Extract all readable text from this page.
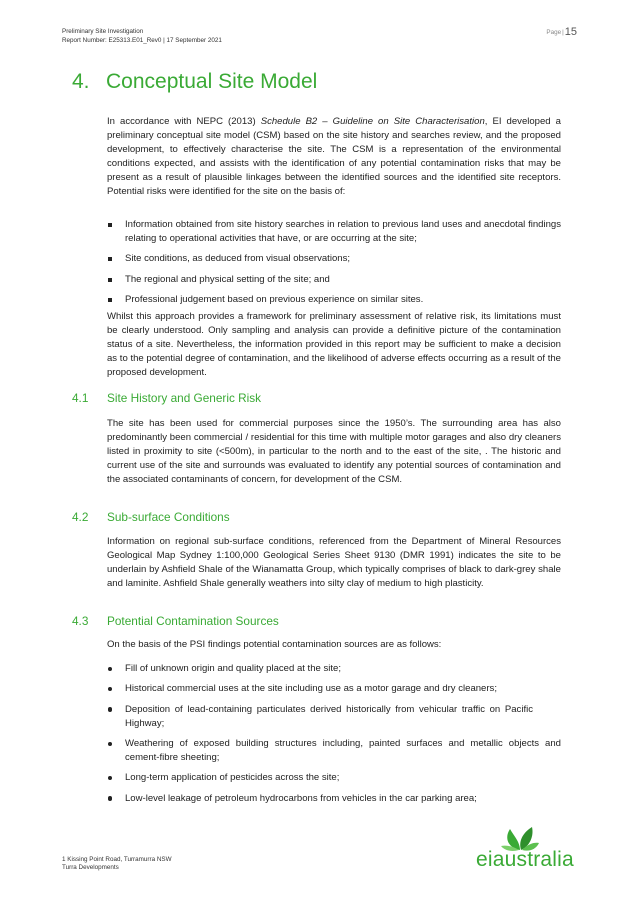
Preliminary Site Investigation
Report Number: E25313.E01_Rev0 | 17 September 2021
Page | 15
4. Conceptual Site Model
In accordance with NEPC (2013) Schedule B2 – Guideline on Site Characterisation, EI developed a preliminary conceptual site model (CSM) based on the site history and searches review, and the proposed development, to effectively characterise the site. The CSM is a representation of the environmental conditions expected, and assists with the identification of any potential contamination risks that may be present as a result of plausible linkages between the identified sources and the identified site receptors. Potential risks were identified for the site on the basis of:
Information obtained from site history searches in relation to previous land uses and anecdotal findings relating to operational activities that have, or are occurring at the site;
Site conditions, as deduced from visual observations;
The regional and physical setting of the site; and
Professional judgement based on previous experience on similar sites.
Whilst this approach provides a framework for preliminary assessment of relative risk, its limitations must be clearly understood. Only sampling and analysis can provide a definitive picture of the contamination status of a site. Nevertheless, the information provided in this report may be sufficient to make a decision as to the potential degree of contamination, and the likelihood of adverse effects occurring as a result of the proposed development.
4.1 Site History and Generic Risk
The site has been used for commercial purposes since the 1950’s. The surrounding area has also predominantly been commercial / residential for this time with multiple motor garages and also dry cleaners listed in proximity to site (<500m), in particular to the north and to the east of the site, . The historic and current use of the site and surrounds was evaluated to identify any potential sources of contamination and the associated contaminants of concern, for development of the CSM.
4.2 Sub-surface Conditions
Information on regional sub-surface conditions, referenced from the Department of Mineral Resources Geological Map Sydney 1:100,000 Geological Series Sheet 9130 (DMR 1991) indicates the site to be underlain by Ashfield Shale of the Wianamatta Group, which typically comprises of black to dark-grey shale and laminite. Ashfield Shale generally weathers into silty clay of medium to high plasticity.
4.3 Potential Contamination Sources
On the basis of the PSI findings potential contamination sources are as follows:
Fill of unknown origin and quality placed at the site;
Historical commercial uses at the site including use as a motor garage and dry cleaners;
Deposition of lead-containing particulates derived historically from vehicular traffic on Pacific Highway;
Weathering of exposed building structures including, painted surfaces and metallic objects and cement-fibre sheeting;
Long-term application of pesticides across the site;
Low-level leakage of petroleum hydrocarbons from vehicles in the car parking area;
1 Kissing Point Road, Turramurra NSW
Turra Developments	eiaustralia
